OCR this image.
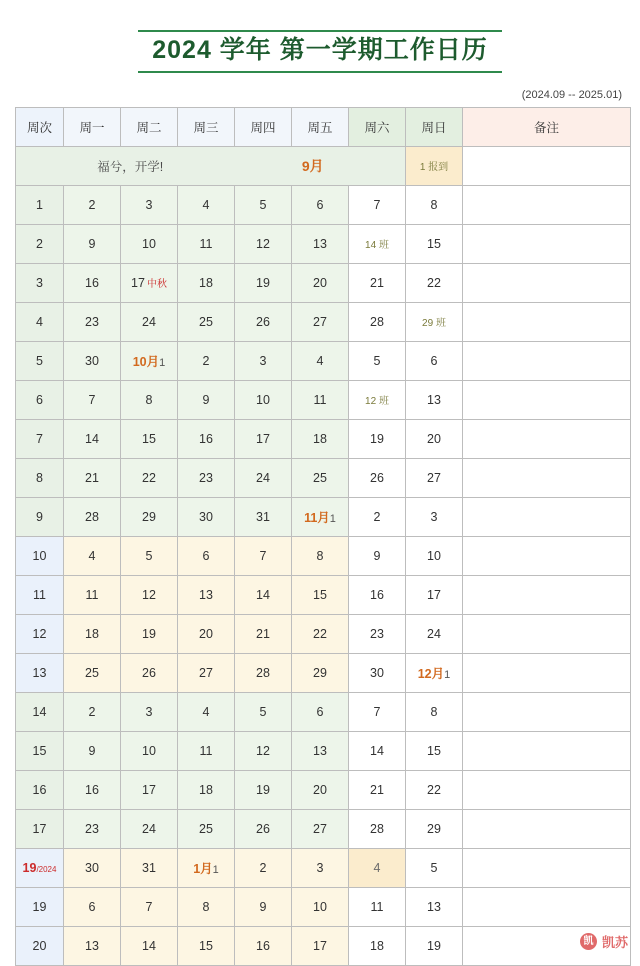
2024 学年 第一学期工作日历
(2024.09 -- 2025.01)
周次	周一	周二	周三	周四	周五	周六	周日	备注

福兮，开学! 9月							1 报到	
1	2	3	4	5	6	7	8	
2	9	10	11	12	13	14 班	15	
3	16	17 中秋	18	19	20	21	22	
4	23	24	25	26	27	28	29 班	
5	30	10月1	2	3	4	5	6	
6	7	8	9	10	11	12 班	13	
7	14	15	16	17	18	19	20	
8	21	22	23	24	25	26	27	
9	28	29	30	31	11月1	2	3	
10	4	5	6	7	8	9	10	
11	11	12	13	14	15	16	17	
12	18	19	20	21	22	23	24	
13	25	26	27	28	29	30	12月1	
14	2	3	4	5	6	7	8	
15	9	10	11	12	13	14	15	
16	16	17	18	19	20	21	22	
17	23	24	25	26	27	28	29	
19/2024	30	31	1月1	2	3	4	5	
19	6	7	8	9	10	11	13	
20	13	14	15	16	17	18	19		凯 凯苏
